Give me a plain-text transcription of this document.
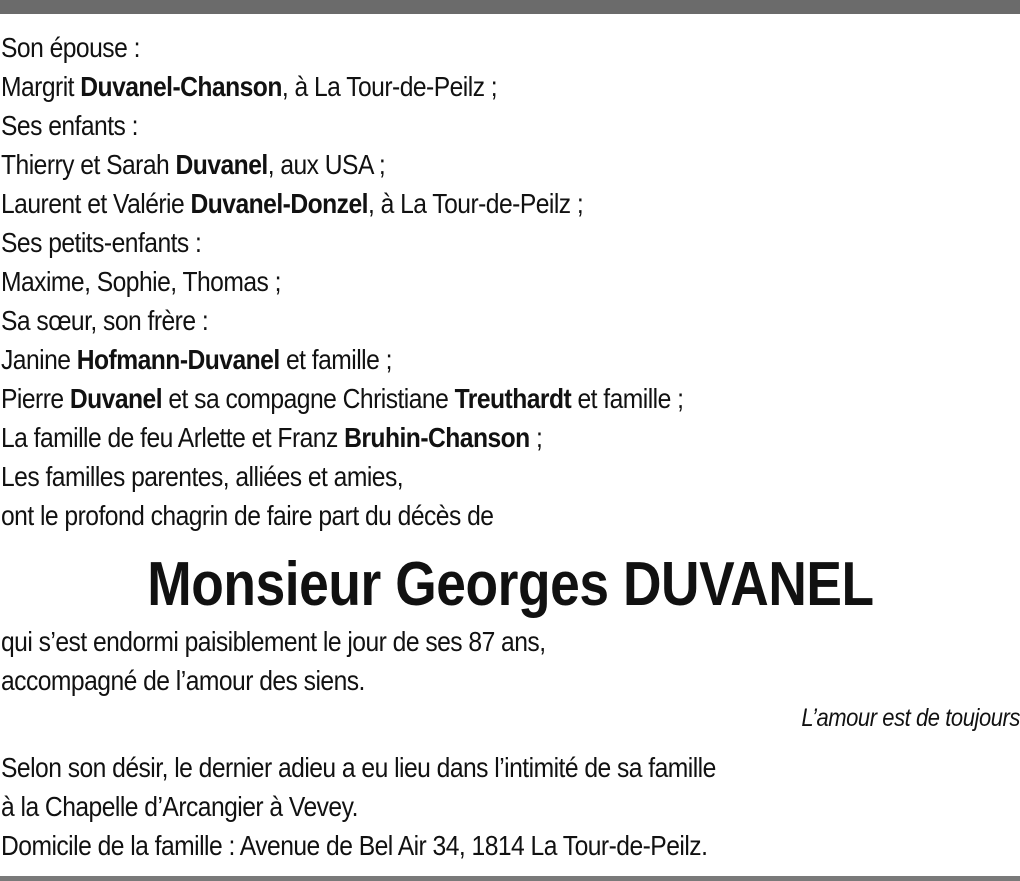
Son épouse :
Margrit Duvanel-Chanson, à La Tour-de-Peilz ;
Ses enfants :
Thierry et Sarah Duvanel, aux USA ;
Laurent et Valérie Duvanel-Donzel, à La Tour-de-Peilz ;
Ses petits-enfants :
Maxime, Sophie, Thomas ;
Sa sœur, son frère :
Janine Hofmann-Duvanel et famille ;
Pierre Duvanel et sa compagne Christiane Treuthardt et famille ;
La famille de feu Arlette et Franz Bruhin-Chanson ;
Les familles parentes, alliées et amies,
ont le profond chagrin de faire part du décès de
Monsieur Georges DUVANEL
qui s’est endormi paisiblement le jour de ses 87 ans,
accompagné de l’amour des siens.
L’amour est de toujours
Selon son désir, le dernier adieu a eu lieu dans l’intimité de sa famille
à la Chapelle d’Arcangier à Vevey.
Domicile de la famille : Avenue de Bel Air 34, 1814 La Tour-de-Peilz.
